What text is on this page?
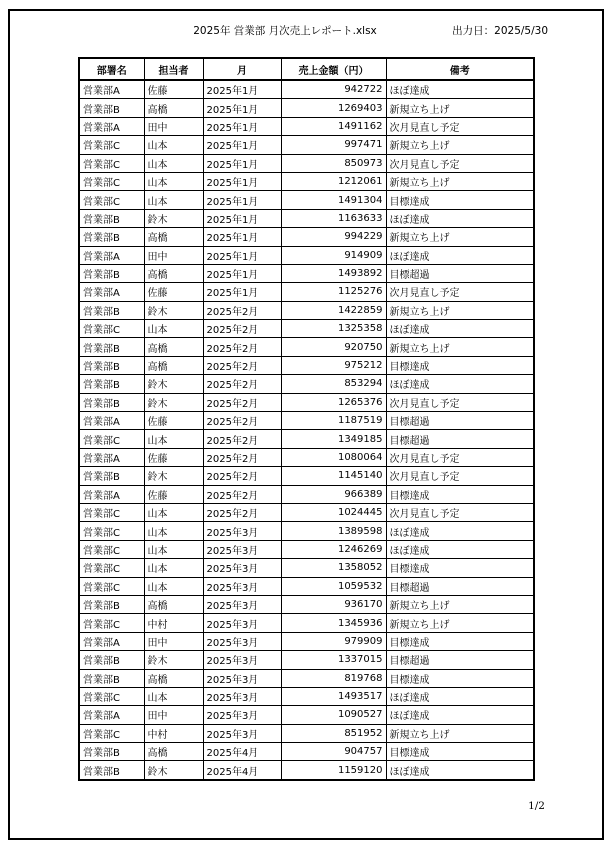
2025年 営業部 月次売上レポート.xlsx	出力日：2025/5/30
部署名	担当者	月	売上金額（円）	備考
営業部A	佐藤	2025年1月	942722	ほぼ達成
営業部B	高橋	2025年1月	1269403	新規立ち上げ
営業部A	田中	2025年1月	1491162	次月見直し予定
営業部C	山本	2025年1月	997471	新規立ち上げ
営業部C	山本	2025年1月	850973	次月見直し予定
営業部C	山本	2025年1月	1212061	新規立ち上げ
営業部C	山本	2025年1月	1491304	目標達成
営業部B	鈴木	2025年1月	1163633	ほぼ達成
営業部B	高橋	2025年1月	994229	新規立ち上げ
営業部A	田中	2025年1月	914909	ほぼ達成
営業部B	高橋	2025年1月	1493892	目標超過
営業部A	佐藤	2025年1月	1125276	次月見直し予定
営業部B	鈴木	2025年2月	1422859	新規立ち上げ
営業部C	山本	2025年2月	1325358	ほぼ達成
営業部B	高橋	2025年2月	920750	新規立ち上げ
営業部B	高橋	2025年2月	975212	目標達成
営業部B	鈴木	2025年2月	853294	ほぼ達成
営業部B	鈴木	2025年2月	1265376	次月見直し予定
営業部A	佐藤	2025年2月	1187519	目標超過
営業部C	山本	2025年2月	1349185	目標超過
営業部A	佐藤	2025年2月	1080064	次月見直し予定
営業部B	鈴木	2025年2月	1145140	次月見直し予定
営業部A	佐藤	2025年2月	966389	目標達成
営業部C	山本	2025年2月	1024445	次月見直し予定
営業部C	山本	2025年3月	1389598	ほぼ達成
営業部C	山本	2025年3月	1246269	ほぼ達成
営業部C	山本	2025年3月	1358052	目標達成
営業部C	山本	2025年3月	1059532	目標超過
営業部B	高橋	2025年3月	936170	新規立ち上げ
営業部C	中村	2025年3月	1345936	新規立ち上げ
営業部A	田中	2025年3月	979909	目標達成
営業部B	鈴木	2025年3月	1337015	目標超過
営業部B	高橋	2025年3月	819768	目標達成
営業部C	山本	2025年3月	1493517	ほぼ達成
営業部A	田中	2025年3月	1090527	ほぼ達成
営業部C	中村	2025年3月	851952	新規立ち上げ
営業部B	高橋	2025年4月	904757	目標達成
営業部B	鈴木	2025年4月	1159120	ほぼ達成
1/2
